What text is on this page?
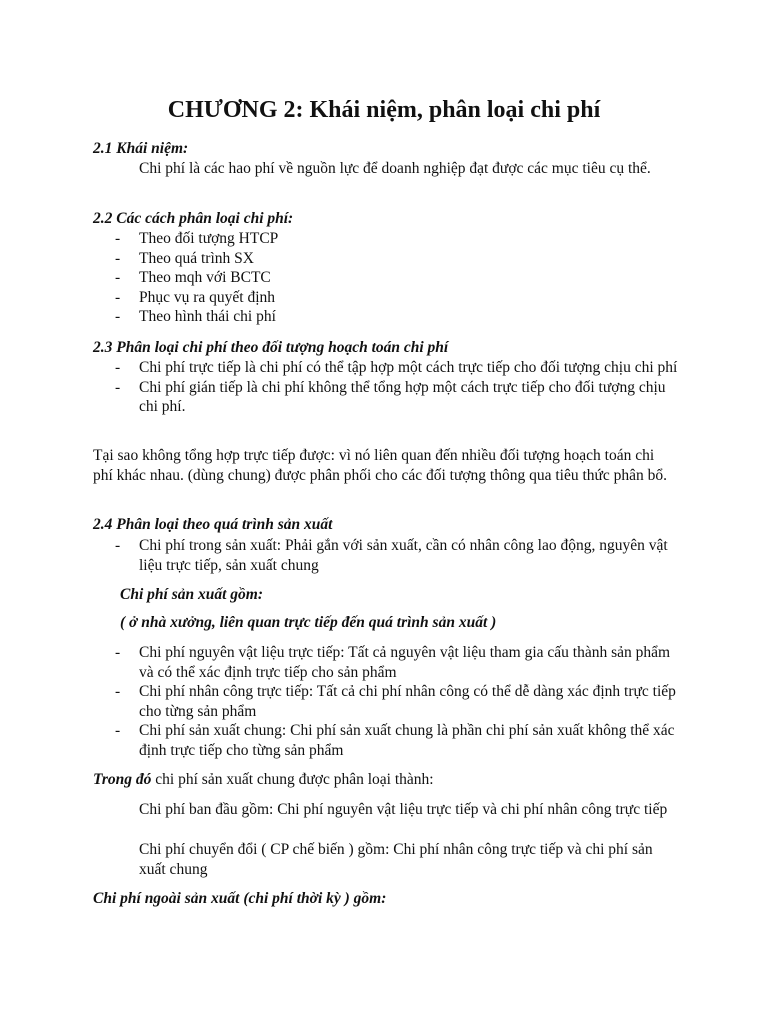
CHƯƠNG 2: Khái niệm, phân loại chi phí
2.1 Khái niệm:
Chi phí là các hao phí về nguồn lực để doanh nghiệp đạt được các mục tiêu cụ thể.
2.2 Các cách phân loại chi phí:
- Theo đối tượng HTCP
- Theo quá trình SX
- Theo mqh với BCTC
- Phục vụ ra quyết định
- Theo hình thái chi phí
2.3 Phân loại chi phí theo đối tượng hoạch toán chi phí
- Chi phí trực tiếp là chi phí có thể tập hợp một cách trực tiếp cho đối tượng chịu chi phí
- Chi phí gián tiếp là chi phí không thể tổng hợp một cách trực tiếp cho đối tượng chịu chi phí.
Tại sao không tổng hợp trực tiếp được: vì nó liên quan đến nhiều đối tượng hoạch toán chi phí khác nhau. (dùng chung) được phân phối cho các đối tượng thông qua tiêu thức phân bổ.
2.4 Phân loại theo quá trình sản xuất
- Chi phí trong sản xuất: Phải gắn với sản xuất, cần có nhân công lao động, nguyên vật liệu trực tiếp, sản xuất chung
Chi phí sản xuất gồm:
( ở nhà xưởng, liên quan trực tiếp đến quá trình sản xuất )
- Chi phí nguyên vật liệu trực tiếp: Tất cả nguyên vật liệu tham gia cấu thành sản phẩm và có thể xác định trực tiếp cho sản phẩm
- Chi phí nhân công trực tiếp: Tất cả chi phí nhân công có thể dễ dàng xác định trực tiếp cho từng sản phẩm
- Chi phí sản xuất chung: Chi phí sản xuất chung là phần chi phí sản xuất không thể xác định trực tiếp cho từng sản phẩm
Trong đó chi phí sản xuất chung được phân loại thành:
Chi phí ban đầu gồm: Chi phí nguyên vật liệu trực tiếp và chi phí nhân công trực tiếp
Chi phí chuyển đổi ( CP chế biến ) gồm: Chi phí nhân công trực tiếp và chi phí sản xuất chung
Chi phí ngoài sản xuất (chi phí thời kỳ ) gồm:
